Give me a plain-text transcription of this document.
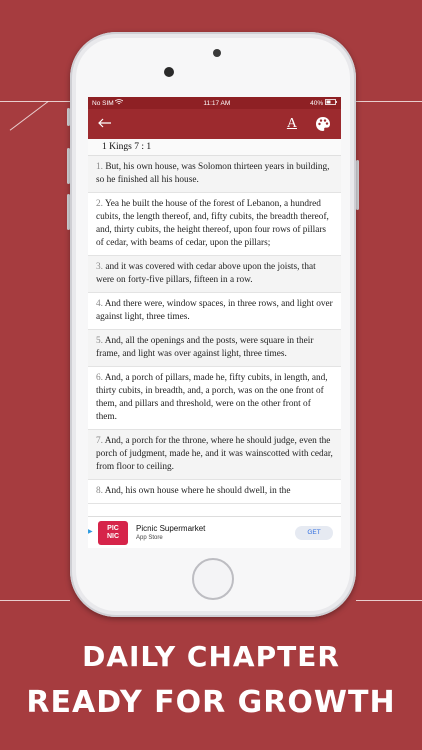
No SIM	11:17 AM	40%
A
1 Kings 7 : 1
1. But, his own house, was Solomon thirteen years in building, so he finished all his house.
2. Yea he built the house of the forest of Lebanon, a hundred cubits, the length thereof, and, fifty cubits, the breadth thereof, and, thirty cubits, the height thereof, upon four rows of pillars of cedar, with beams of cedar, upon the pillars;
3. and it was covered with cedar above upon the joists, that were on forty-five pillars, fifteen in a row.
4. And there were, window spaces, in three rows, and light over against light, three times.
5. And, all the openings and the posts, were square in their frame, and light was over against light, three times.
6. And, a porch of pillars, made he, fifty cubits, in length, and, thirty cubits, in breadth, and, a porch, was on the one front of them, and pillars and threshold, were on the other front of them.
7. And, a porch for the throne, where he should judge, even the porch of judgment, made he, and it was wainscotted with cedar, from floor to ceiling.
8. And, his own house where he should dwell, in the
▶
PIC
NIC
Picnic Supermarket
App Store
GET
DAILY CHAPTER
READY FOR GROWTH
